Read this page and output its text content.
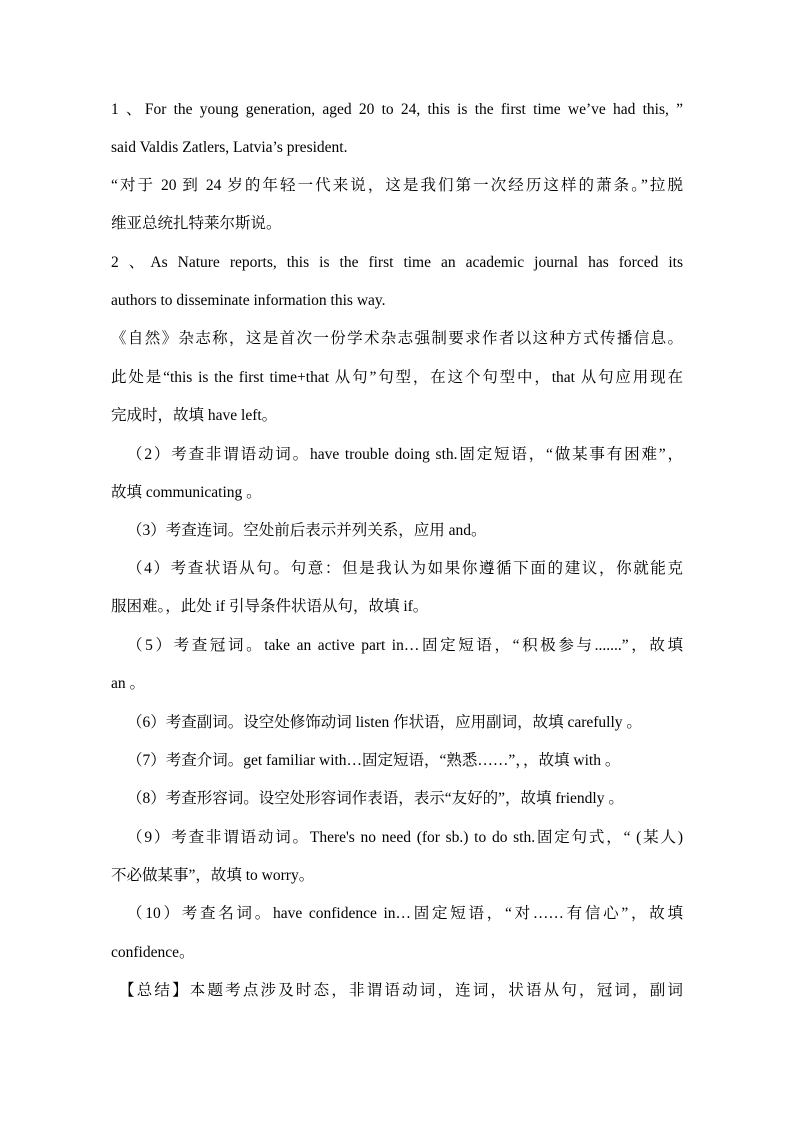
1 、For the young generation, aged 20 to 24, this is the first time we’ve had this, ”
said Valdis Zatlers, Latvia’s president.
“对于 20 到 24 岁的年轻一代来说，这是我们第一次经历这样的萧条。”拉脱
维亚总统扎特莱尔斯说。
2 、As Nature reports, this is the first time an academic journal has forced its
authors to disseminate information this way.
《自然》杂志称，这是首次一份学术杂志强制要求作者以这种方式传播信息。
此处是“this is the first time+that 从句”句型，在这个句型中，that 从句应用现在
完成时，故填 have left。
（2）考查非谓语动词。have trouble doing sth.固定短语，“做某事有困难”，
故填 communicating 。
（3）考查连词。空处前后表示并列关系，应用 and。
（4）考查状语从句。句意：但是我认为如果你遵循下面的建议，你就能克
服困难。，此处 if 引导条件状语从句，故填 if。
（5）考查冠词。take an active part in…固定短语，“积极参与.......”，故填
an 。
（6）考查副词。设空处修饰动词 listen 作状语，应用副词，故填 carefully 。
（7）考查介词。get familiar with…固定短语，“熟悉……”，，故填 with 。
（8）考查形容词。设空处形容词作表语，表示“友好的”，故填 friendly 。
（9）考查非谓语动词。There's no need (for sb.) to do sth.固定句式，“ (某人)
不必做某事”，故填 to worry。
（10）考查名词。have confidence in…固定短语，“对……有信心”，故填
confidence。
【总结】本题考点涉及时态，非谓语动词，连词，状语从句，冠词，副词
